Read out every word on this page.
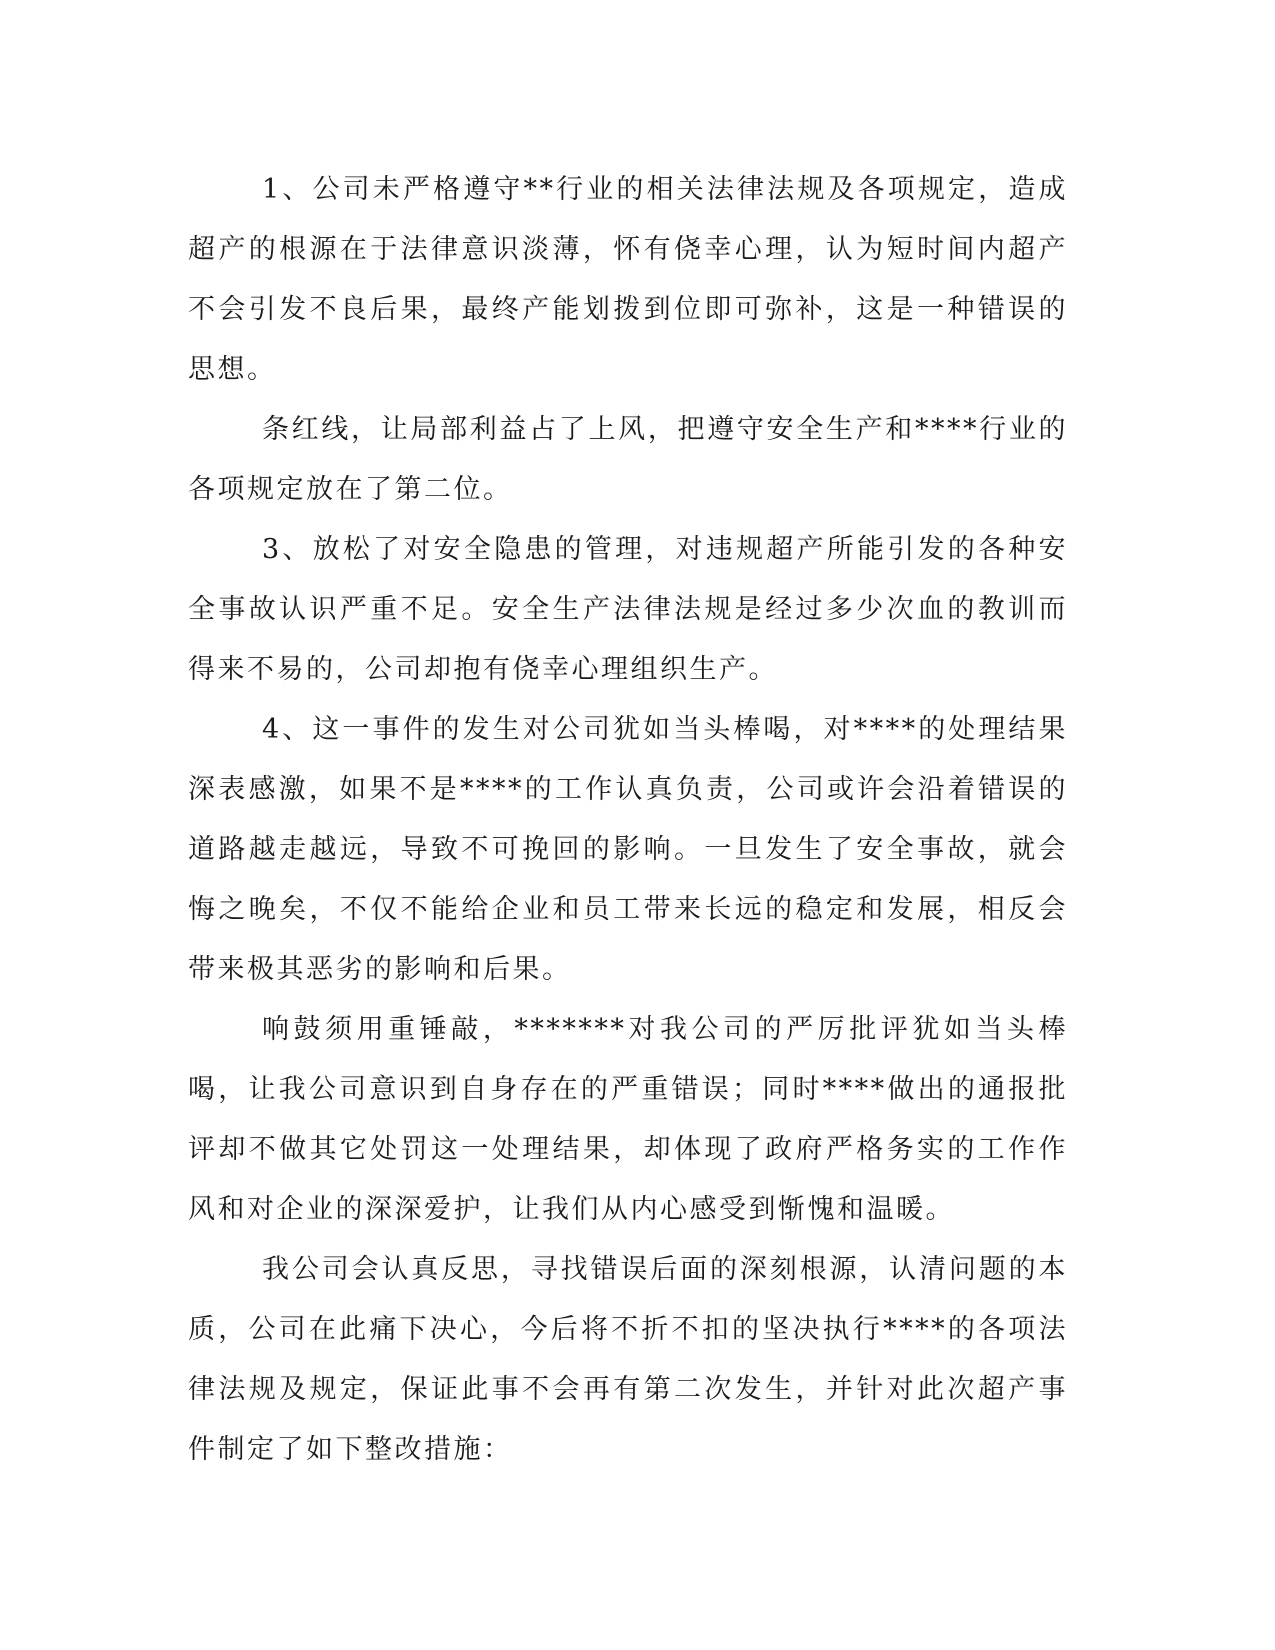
1、公司未严格遵守**行业的相关法律法规及各项规定，造成超产的根源在于法律意识淡薄，怀有侥幸心理，认为短时间内超产不会引发不良后果，最终产能划拨到位即可弥补，这是一种错误的思想。

条红线，让局部利益占了上风，把遵守安全生产和****行业的各项规定放在了第二位。

3、放松了对安全隐患的管理，对违规超产所能引发的各种安全事故认识严重不足。安全生产法律法规是经过多少次血的教训而得来不易的，公司却抱有侥幸心理组织生产。

4、这一事件的发生对公司犹如当头棒喝，对****的处理结果深表感激，如果不是****的工作认真负责，公司或许会沿着错误的道路越走越远，导致不可挽回的影响。一旦发生了安全事故，就会悔之晚矣，不仅不能给企业和员工带来长远的稳定和发展，相反会带来极其恶劣的影响和后果。

响鼓须用重锤敲，*******对我公司的严厉批评犹如当头棒喝，让我公司意识到自身存在的严重错误；同时****做出的通报批评却不做其它处罚这一处理结果，却体现了政府严格务实的工作作风和对企业的深深爱护，让我们从内心感受到惭愧和温暖。

我公司会认真反思，寻找错误后面的深刻根源，认清问题的本质，公司在此痛下决心，今后将不折不扣的坚决执行****的各项法律法规及规定，保证此事不会再有第二次发生，并针对此次超产事件制定了如下整改措施：
